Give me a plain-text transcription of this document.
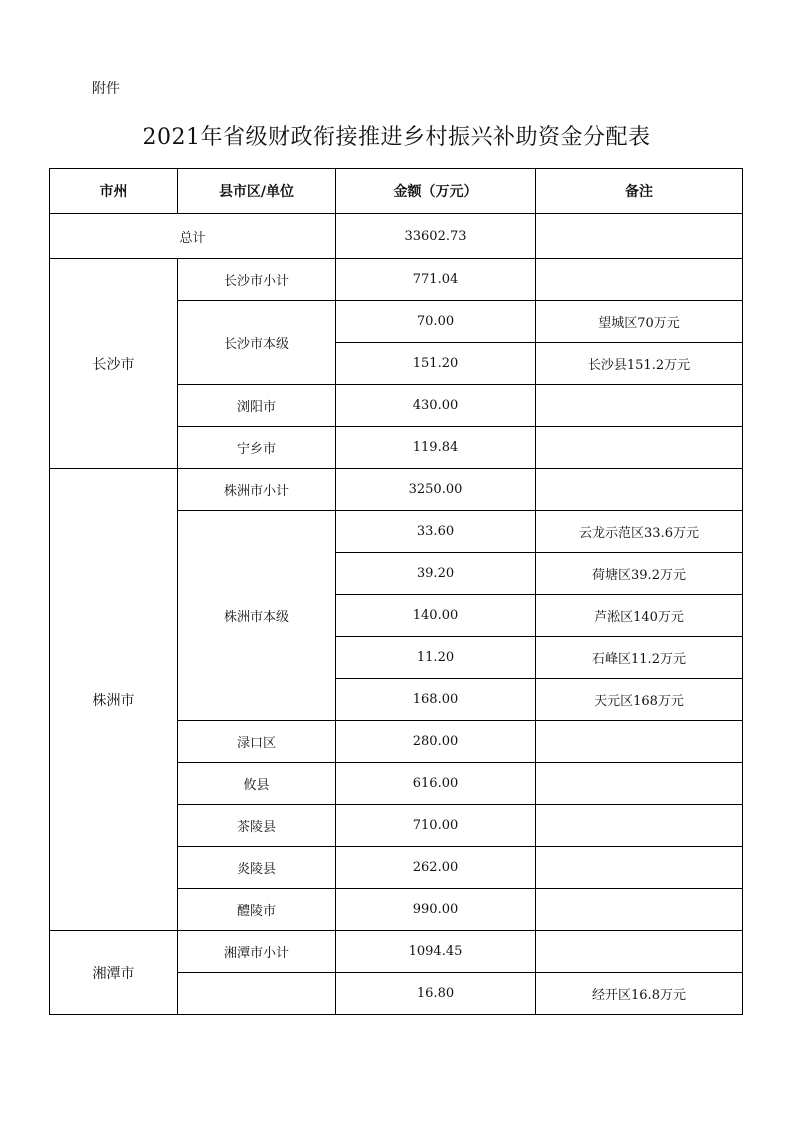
附件
2021年省级财政衔接推进乡村振兴补助资金分配表
市州	县市区/单位	金额（万元）	备注
总计		33602.73	
长沙市	长沙市小计	771.04	
	长沙市本级	70.00	望城区70万元
		151.20	长沙县151.2万元
	浏阳市	430.00	
	宁乡市	119.84	
株洲市	株洲市小计	3250.00	
	株洲市本级	33.60	云龙示范区33.6万元
		39.20	荷塘区39.2万元
		140.00	芦淞区140万元
		11.20	石峰区11.2万元
		168.00	天元区168万元
	渌口区	280.00	
	攸县	616.00	
	茶陵县	710.00	
	炎陵县	262.00	
	醴陵市	990.00	
湘潭市	湘潭市小计	1094.45	
		16.80	经开区16.8万元
